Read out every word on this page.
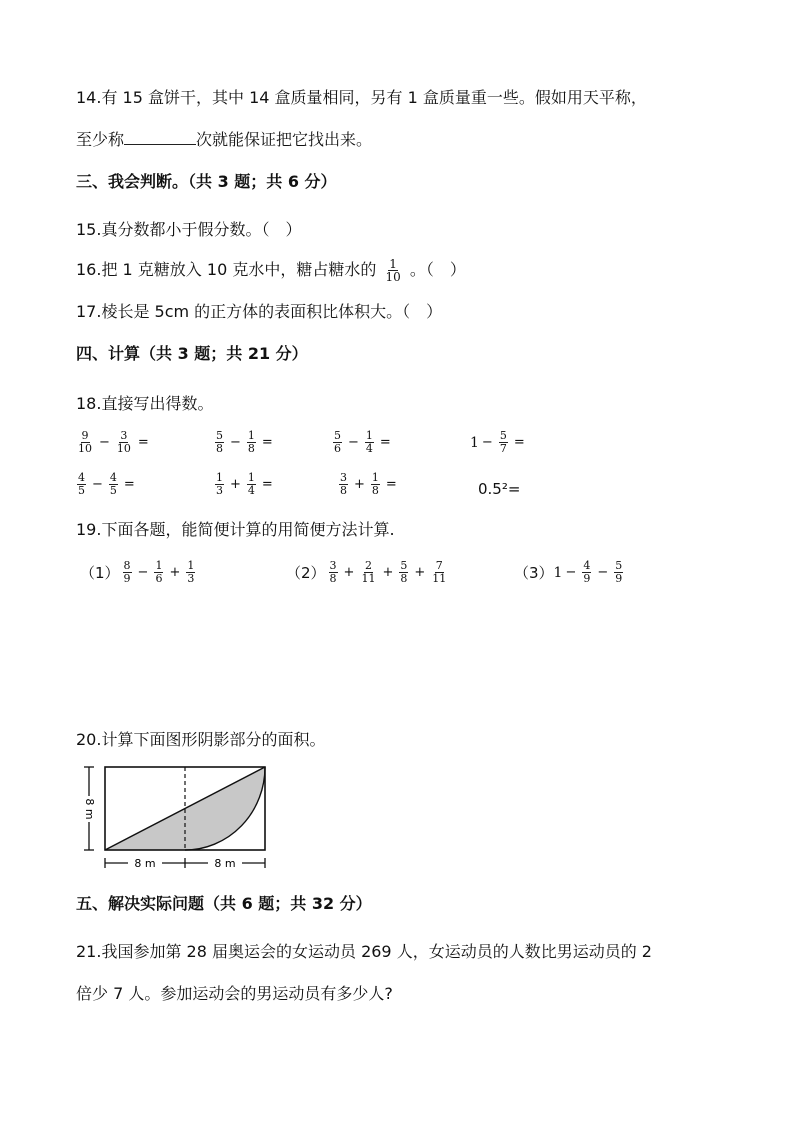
14.有 15 盒饼干，其中 14 盒质量相同，另有 1 盒质量重一些。假如用天平称，
至少称	次就能保证把它找出来。
三、我会判断。（共 3 题；共 6 分）
15.真分数都小于假分数。（　）
16.把 1 克糖放入 10 克水中，糖占糖水的 $\frac{1}{10}$ 。（　）
17.棱长是 5cm 的正方体的表面积比体积大。（　）
四、计算（共 3 题；共 21 分）
18.直接写出得数。
$\frac{9}{10} - \frac{3}{10}$ =	$\frac{5}{8} - \frac{1}{8}$ =	$\frac{5}{6} - \frac{1}{4}$ =	$1 - \frac{5}{7}$ =
$\frac{4}{5} - \frac{4}{5}$ =	$\frac{1}{3} + \frac{1}{4}$ =	$\frac{3}{8} + \frac{1}{8}$ =	0.5²=
19.下面各题，能简便计算的用简便方法计算.
$(1) \frac{8}{9} - \frac{1}{6} + \frac{1}{3}$	$(2) \frac{3}{8} + \frac{2}{11} + \frac{5}{8} + \frac{7}{11}$	（3） $1 - \frac{4}{9} - \frac{5}{9}$
20.计算下面图形阴影部分的面积。
8 m
8 m	8 m
五、解决实际问题（共 6 题；共 32 分）
21.我国参加第 28 届奥运会的女运动员 269 人，女运动员的人数比男运动员的 2
倍少 7 人。参加运动会的男运动员有多少人?
